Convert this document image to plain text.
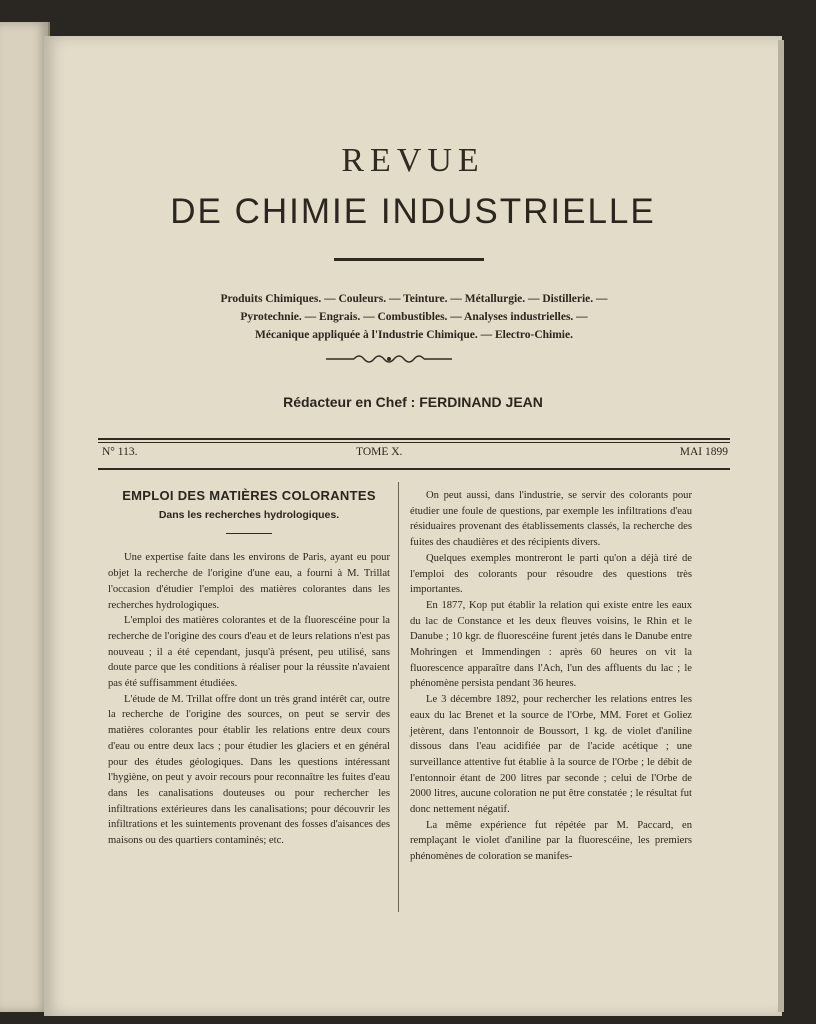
REVUE
DE CHIMIE INDUSTRIELLE
Produits Chimiques. — Couleurs. — Teinture. — Métallurgie. — Distillerie. —
Pyrotechnie. — Engrais. — Combustibles. — Analyses industrielles. —
Mécanique appliquée à l'Industrie Chimique. — Electro-Chimie.
Rédacteur en Chef : FERDINAND JEAN
N° 113.	TOME X.	MAI 1899
EMPLOI DES MATIÈRES COLORANTES
Dans les recherches hydrologiques.

Une expertise faite dans les environs de Paris, ayant eu pour objet la recherche de l'origine d'une eau, a fourni à M. Trillat l'occasion d'étudier l'emploi des matières colorantes dans les recherches hydrologiques.

L'emploi des matières colorantes et de la fluorescéine pour la recherche de l'origine des cours d'eau et de leurs relations n'est pas nouveau ; il a été cependant, jusqu'à présent, peu utilisé, sans doute parce que les conditions à réaliser pour la réussite n'avaient pas été suffisamment étudiées.

L'étude de M. Trillat offre dont un très grand intérêt car, outre la recherche de l'origine des sources, on peut se servir des matières colorantes pour établir les relations entre deux cours d'eau ou entre deux lacs ; pour étudier les glaciers et en général pour des études géologiques. Dans les questions intéressant l'hygiène, on peut y avoir recours pour reconnaître les fuites d'eau dans les canalisations douteuses ou pour rechercher les infiltrations extérieures dans les canalisations; pour découvrir les infiltrations et les suintements provenant des fosses d'aisances des maisons ou des quartiers contaminés; etc.

On peut aussi, dans l'industrie, se servir des colorants pour étudier une foule de questions, par exemple les infiltrations d'eau résiduaires provenant des établissements classés, la recherche des fuites des chaudières et des récipients divers.

Quelques exemples montreront le parti qu'on a déjà tiré de l'emploi des colorants pour résoudre des questions très importantes.

En 1877, Kop put établir la relation qui existe entre les eaux du lac de Constance et les deux fleuves voisins, le Rhin et le Danube ; 10 kgr. de fluorescéine furent jetés dans le Danube entre Mohringen et Immendingen : après 60 heures on vit la fluorescence apparaître dans l'Ach, l'un des affluents du lac ; le phénomène persista pendant 36 heures.

Le 3 décembre 1892, pour rechercher les relations entres les eaux du lac Brenet et la source de l'Orbe, MM. Foret et Goliez jetèrent, dans l'entonnoir de Boussort, 1 kg. de violet d'aniline dissous dans l'eau acidifiée par de l'acide acétique ; une surveillance attentive fut établie à la source de l'Orbe ; le débit de l'entonnoir étant de 200 litres par seconde ; celui de l'Orbe de 2000 litres, aucune coloration ne put être constatée ; le résultat fut donc nettement négatif.

La même expérience fut répétée par M. Paccard, en remplaçant le violet d'aniline par la fluorescéine, les premiers phénomènes de coloration se manifes-
